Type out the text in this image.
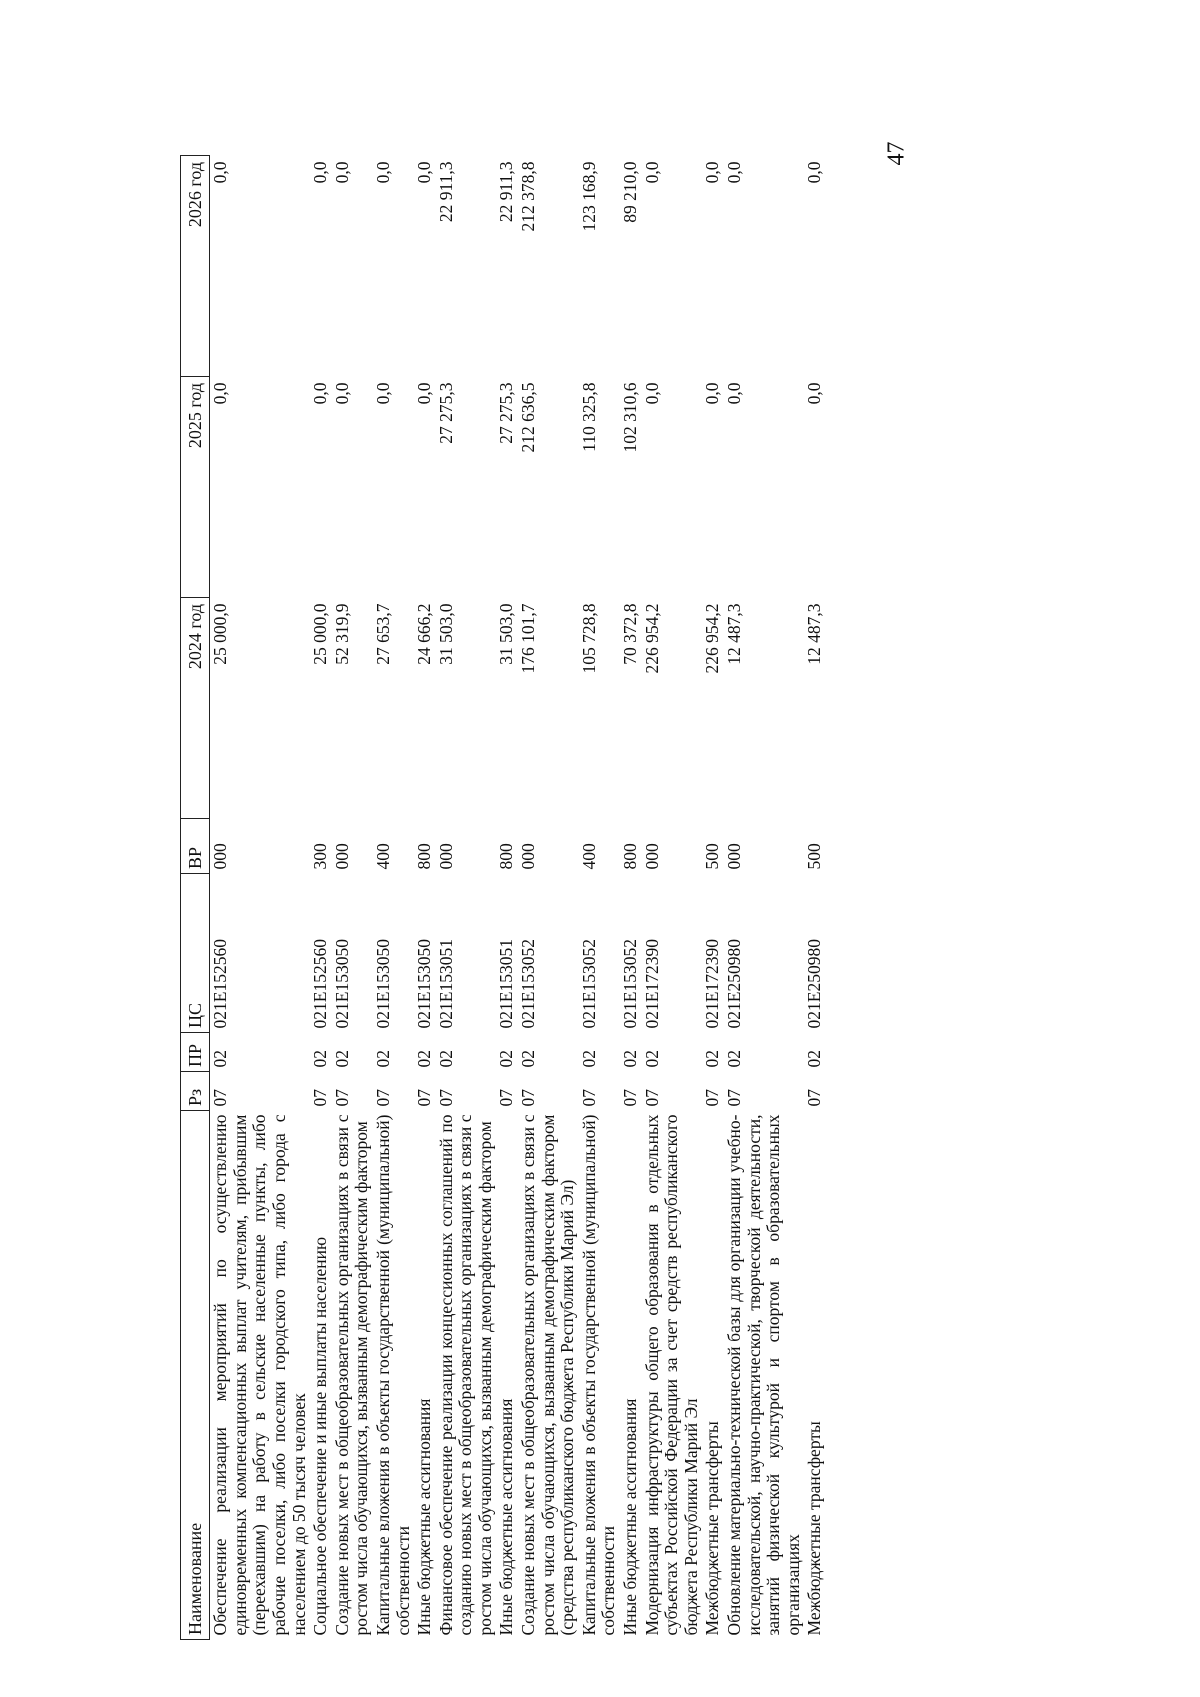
47
Наименование	Рз	ПР	ЦС	ВР	2024 год	2025 год	2026 год
Обеспечение реализации мероприятий по осуществлению единовременных компенсационных выплат учителям, прибывшим (переехавшим) на работу в сельские населенные пункты, либо рабочие поселки, либо поселки городского типа, либо города с населением до 50 тысяч человек	07	02	021E152560	000	25 000,0	0,0	0,0
Социальное обеспечение и иные выплаты населению	07	02	021E152560	300	25 000,0	0,0	0,0
Создание новых мест в общеобразовательных организациях в связи с ростом числа обучающихся, вызванным демографическим фактором	07	02	021E153050	000	52 319,9	0,0	0,0
Капитальные вложения в объекты государственной (муниципальной) собственности	07	02	021E153050	400	27 653,7	0,0	0,0
Иные бюджетные ассигнования	07	02	021E153050	800	24 666,2	0,0	0,0
Финансовое обеспечение реализации концессионных соглашений по созданию новых мест в общеобразовательных организациях в связи с ростом числа обучающихся, вызванным демографическим фактором	07	02	021E153051	000	31 503,0	27 275,3	22 911,3
Иные бюджетные ассигнования	07	02	021E153051	800	31 503,0	27 275,3	22 911,3
Создание новых мест в общеобразовательных организациях в связи с ростом числа обучающихся, вызванным демографическим фактором (средства республиканского бюджета Республики Марий Эл)	07	02	021E153052	000	176 101,7	212 636,5	212 378,8
Капитальные вложения в объекты государственной (муниципальной) собственности	07	02	021E153052	400	105 728,8	110 325,8	123 168,9
Иные бюджетные ассигнования	07	02	021E153052	800	70 372,8	102 310,6	89 210,0
Модернизация инфраструктуры общего образования в отдельных субъектах Российской Федерации за счет средств республиканского бюджета Республики Марий Эл	07	02	021E172390	000	226 954,2	0,0	0,0
Межбюджетные трансферты	07	02	021E172390	500	226 954,2	0,0	0,0
Обновление материально-технической базы для организации учебно-исследовательской, научно-практической, творческой деятельности, занятий физической культурой и спортом в образовательных организациях	07	02	021E250980	000	12 487,3	0,0	0,0
Межбюджетные трансферты	07	02	021E250980	500	12 487,3	0,0	0,0
